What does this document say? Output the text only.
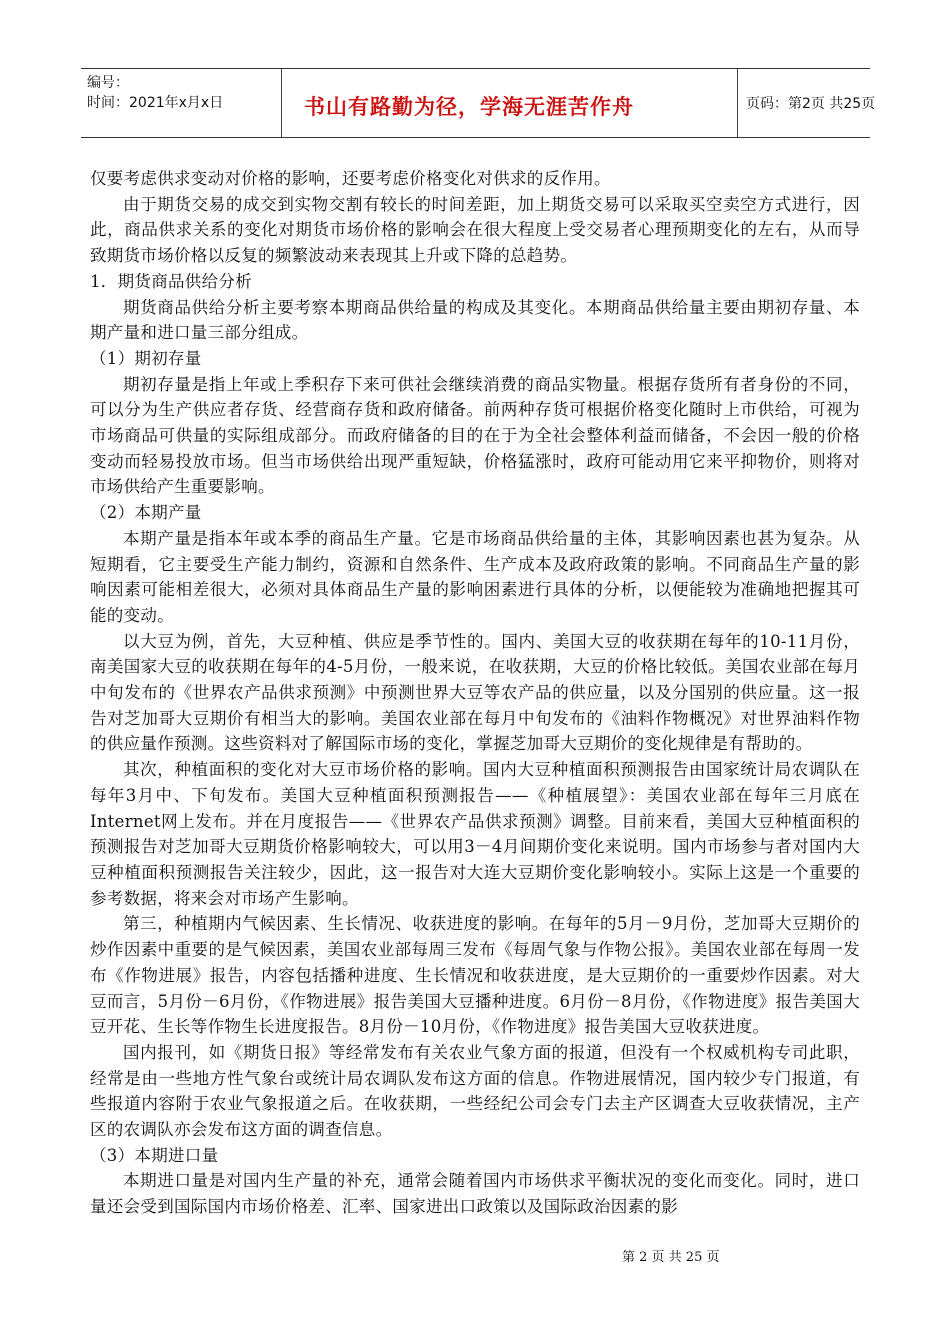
编号：
时间：2021年x月x日	书山有路勤为径，学海无涯苦作舟	页码：第2页 共25页

仅要考虑供求变动对价格的影响，还要考虑价格变化对供求的反作用。

由于期货交易的成交到实物交割有较长的时间差距，加上期货交易可以采取买空卖空方式进行，因此，商品供求关系的变化对期货市场价格的影响会在很大程度上受交易者心理预期变化的左右，从而导致期货市场价格以反复的频繁波动来表现其上升或下降的总趋势。

1．期货商品供给分析

期货商品供给分析主要考察本期商品供给量的构成及其变化。本期商品供给量主要由期初存量、本期产量和进口量三部分组成。

（1）期初存量

期初存量是指上年或上季积存下来可供社会继续消费的商品实物量。根据存货所有者身份的不同，可以分为生产供应者存货、经营商存货和政府储备。前两种存货可根据价格变化随时上市供给，可视为市场商品可供量的实际组成部分。而政府储备的目的在于为全社会整体利益而储备，不会因一般的价格变动而轻易投放市场。但当市场供给出现严重短缺，价格猛涨时，政府可能动用它来平抑物价，则将对市场供给产生重要影响。

（2）本期产量

本期产量是指本年或本季的商品生产量。它是市场商品供给量的主体，其影响因素也甚为复杂。从短期看，它主要受生产能力制约，资源和自然条件、生产成本及政府政策的影响。不同商品生产量的影响因素可能相差很大，必须对具体商品生产量的影响困素进行具体的分析，以便能较为准确地把握其可能的变动。

以大豆为例，首先，大豆种植、供应是季节性的。国内、美国大豆的收获期在每年的10-11月份，南美国家大豆的收获期在每年的4-5月份，一般来说，在收获期，大豆的价格比较低。美国农业部在每月中旬发布的《世界农产品供求预测》中预测世界大豆等农产品的供应量，以及分国别的供应量。这一报告对芝加哥大豆期价有相当大的影响。美国农业部在每月中旬发布的《油料作物概况》对世界油料作物的供应量作预测。这些资料对了解国际市场的变化，掌握芝加哥大豆期价的变化规律是有帮助的。

其次，种植面积的变化对大豆市场价格的影响。国内大豆种植面积预测报告由国家统计局农调队在每年3月中、下旬发布。美国大豆种植面积预测报告——《种植展望》：美国农业部在每年三月底在Internet网上发布。并在月度报告——《世界农产品供求预测》调整。目前来看，美国大豆种植面积的预测报告对芝加哥大豆期货价格影响较大，可以用3－4月间期价变化来说明。国内市场参与者对国内大豆种植面积预测报告关注较少，因此，这一报告对大连大豆期价变化影响较小。实际上这是一个重要的参考数据，将来会对市场产生影响。

第三，种植期内气候因素、生长情况、收获进度的影响。在每年的5月－9月份，芝加哥大豆期价的炒作因素中重要的是气候因素，美国农业部每周三发布《每周气象与作物公报》。美国农业部在每周一发布《作物进展》报告，内容包括播种进度、生长情况和收获进度，是大豆期价的一重要炒作因素。对大豆而言，5月份－6月份，《作物进展》报告美国大豆播种进度。6月份－8月份，《作物进度》报告美国大豆开花、生长等作物生长进度报告。8月份－10月份，《作物进度》报告美国大豆收获进度。

国内报刊，如《期货日报》等经常发布有关农业气象方面的报道，但没有一个权威机构专司此职，经常是由一些地方性气象台或统计局农调队发布这方面的信息。作物进展情况，国内较少专门报道，有些报道内容附于农业气象报道之后。在收获期，一些经纪公司会专门去主产区调查大豆收获情况，主产区的农调队亦会发布这方面的调查信息。

（3）本期进口量

本期进口量是对国内生产量的补充，通常会随着国内市场供求平衡状况的变化而变化。同时，进口量还会受到国际国内市场价格差、汇率、国家进出口政策以及国际政治因素的影

第 2 页 共 25 页
